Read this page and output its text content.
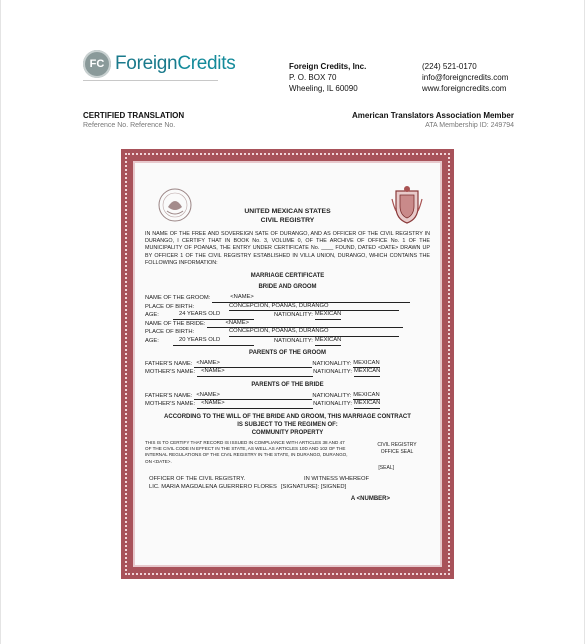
FC ForeignCredits	Foreign Credits, Inc.
P. O. BOX 70
Wheeling, IL 60090
(224) 521-0170
info@foreigncredits.com
www.foreigncredits.com
CERTIFIED TRANSLATION
Reference No. Reference No.
American Translators Association Member
ATA Membership ID: 249794
UNITED MEXICAN STATES
CIVIL REGISTRY
IN NAME OF THE FREE AND SOVEREIGN SATE OF DURANGO, AND AS OFFICER OF THE CIVIL REGISTRY IN DURANGO, I CERTIFY THAT IN BOOK No. 3, VOLUME 0, OF THE ARCHIVE OF OFFICE No. 1 OF THE MUNICIPALITY OF POANAS, THE ENTRY UNDER CERTIFICATE No. ____ FOUND, DATED <DATE> DRAWN UP BY OFFICER 1 OF THE CIVIL REGISTRY ESTABLISHED IN VILLA UNION, DURANGO, WHICH CONTAINS THE FOLLOWING INFORMATION:
MARRIAGE CERTIFICATE
BRIDE AND GROOM
NAME OF THE GROOM:	<NAME>
PLACE OF BIRTH:	CONCEPCION, POANAS, DURANGO
AGE:	24 YEARS OLD	NATIONALITY: MEXICAN
NAME OF THE BRIDE:	<NAME>
PLACE OF BIRTH:	CONCEPCION, POANAS, DURANGO
AGE:	20 YEARS OLD	NATIONALITY: MEXICAN
PARENTS OF THE GROOM
FATHER'S NAME: <NAME>	NATIONALITY: MEXICAN
MOTHER'S NAME:	<NAME>	NATIONALITY: MEXICAN
PARENTS OF THE BRIDE
FATHER'S NAME: <NAME>	NATIONALITY: MEXICAN
MOTHER'S NAME:	<NAME>	NATIONALITY: MEXICAN
ACCORDING TO THE WILL OF THE BRIDE AND GROOM, THIS MARRIAGE CONTRACT
IS SUBJECT TO THE REGIMEN OF:
COMMUNITY PROPERTY
THIS IS TO CERTIFY THAT RECORD IS ISSUED IN COMPLIANCE WITH ARTICLES 38 AND 47 OF THE CIVIL CODE IN EFFECT IN THE STATE, AS WELL AS ARTICLES 10D AND 102 OF THE INTERNAL REGULATIONS OF THE CIVIL REGISTRY IN THE STATE, IN DURANGO, DURANGO, ON <DATE>.
CIVIL REGISTRY OFFICE SEAL
[SEAL]
OFFICER OF THE CIVIL REGISTRY.	IN WITNESS WHEREOF
LIC. MARIA MAGDALENA GUERRERO FLORES [SIGNATURE]: [SIGNED]
A <NUMBER>
